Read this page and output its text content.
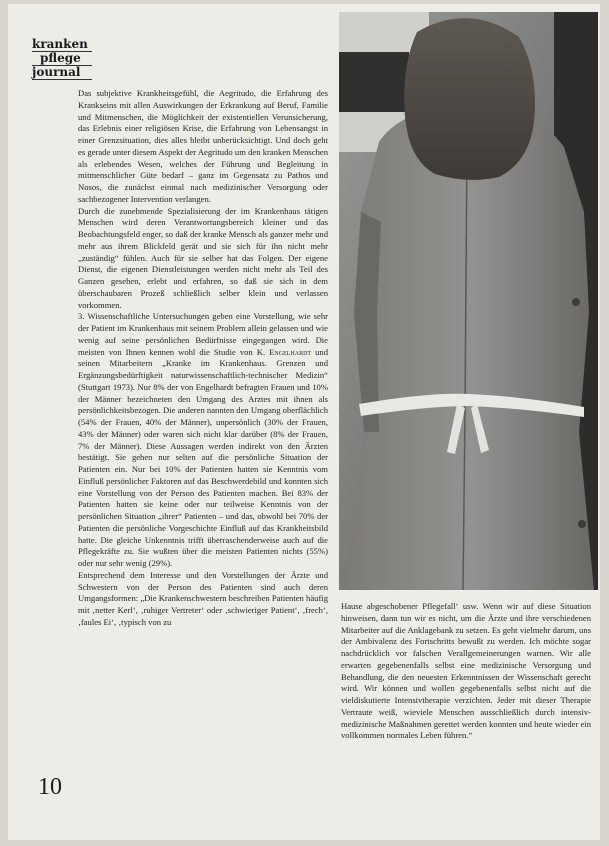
kranken
pflege
journal

Das subjektive Krankheitsgefühl, die Aegritudo, die Erfahrung des Krankseins mit allen Auswirkungen der Erkrankung auf Beruf, Familie und Mitmenschen, die Möglichkeit der existentiellen Verunsicherung, das Erlebnis einer religiösen Krise, die Erfahrung von Lebensangst in einer Grenzsituation, dies alles bleibt unberücksichtigt. Und doch geht es gerade unter diesem Aspekt der Aegritudo um den kranken Menschen als erlebendes Wesen, welches der Führung und Begleitung in mitmenschlicher Güte bedarf – ganz im Gegensatz zu Pathos und Nosos, die zunächst einmal nach medizinischer Versorgung oder sachbezogener Intervention verlangen.

Durch die zunehmende Spezialisierung der im Krankenhaus tätigen Menschen wird deren Verantwortungsbereich kleiner und das Beobachtungsfeld enger, so daß der kranke Mensch als ganzer mehr und mehr aus ihrem Blickfeld gerät und sie sich für ihn nicht mehr „zuständig“ fühlen. Auch für sie selber hat das Folgen. Der eigene Dienst, die eigenen Dienstleistungen werden nicht mehr als Teil des Ganzen gesehen, erlebt und erfahren, so daß sie sich in dem überschaubaren Prozeß schließlich selber klein und verlassen vorkommen.

3. Wissenschaftliche Untersuchungen geben eine Vorstellung, wie sehr der Patient im Krankenhaus mit seinem Problem allein gelassen und wie wenig auf seine persönlichen Bedürfnisse eingegangen wird. Die meisten von Ihnen kennen wohl die Studie von K. Engelhardt und seinen Mitarbeitern „Kranke im Krankenhaus. Grenzen und Ergänzungsbedürftigkeit naturwissenschaftlich-technischer Medizin“ (Stuttgart 1973). Nur 8% der von Engelhardt befragten Frauen und 10% der Männer bezeichneten den Umgang des Arztes mit ihnen als persönlichkeitsbezogen. Die anderen nannten den Umgang oberflächlich (54% der Frauen, 40% der Männer), unpersönlich (30% der Frauen, 43% der Männer) oder waren sich nicht klar darüber (8% der Frauen, 7% der Männer). Diese Aussagen werden indirekt von den Ärzten bestätigt. Sie gehen nur selten auf die persönliche Situation der Patienten ein. Nur bei 10% der Patienten hatten sie Kenntnis vom Einfluß persönlicher Faktoren auf das Beschwerdebild und konnten sich eine Vorstellung von der Person des Patienten machen. Bei 83% der Patienten hatten sie keine oder nur teilweise Kenntnis von der persönlichen Situation „ihrer“ Patienten – und das, obwohl bei 70% der Patienten die persönliche Vorgeschichte Einfluß auf das Krankheitsbild hatte. Die gleiche Unkenntnis trifft überraschenderweise auch auf die Pflegekräfte zu. Sie wußten über die meisten Patienten nichts (55%) oder nur sehr wenig (29%).

Entsprechend dem Interesse und den Vorstellungen der Ärzte und Schwestern von der Person des Patienten sind auch deren Umgangsformen: „Die Krankenschwestern beschreiben Patienten häufig mit ‚netter Kerl‘, ‚ruhiger Vertreter‘ oder ‚schwieriger Patient‘, ‚frech‘, ‚faules Ei‘, ‚typisch von zu

Hause abgeschobener Pflegefall‘ usw. Wenn wir auf diese Situation hinweisen, dann tun wir es nicht, um die Ärzte und ihre verschiedenen Mitarbeiter auf die Anklagebank zu setzen. Es geht vielmehr darum, uns der Ambivalenz des Fortschritts bewußt zu werden. Ich möchte sogar nachdrücklich vor falschen Verallgemeinerungen warnen. Wir alle erwarten gegebenenfalls selbst eine medizinische Versorgung und Behandlung, die den neuesten Erkenntnissen der Wissenschaft gerecht wird. Wir können und wollen gegebenenfalls selbst nicht auf die vieldiskutierte Intensivtherapie verzichten. Jeder mit dieser Therapie Vertraute weiß, wieviele Menschen ausschließlich durch intensiv-medizinische Maßnahmen gerettet werden konnten und heute wieder ein vollkommen normales Leben führen.“

10
